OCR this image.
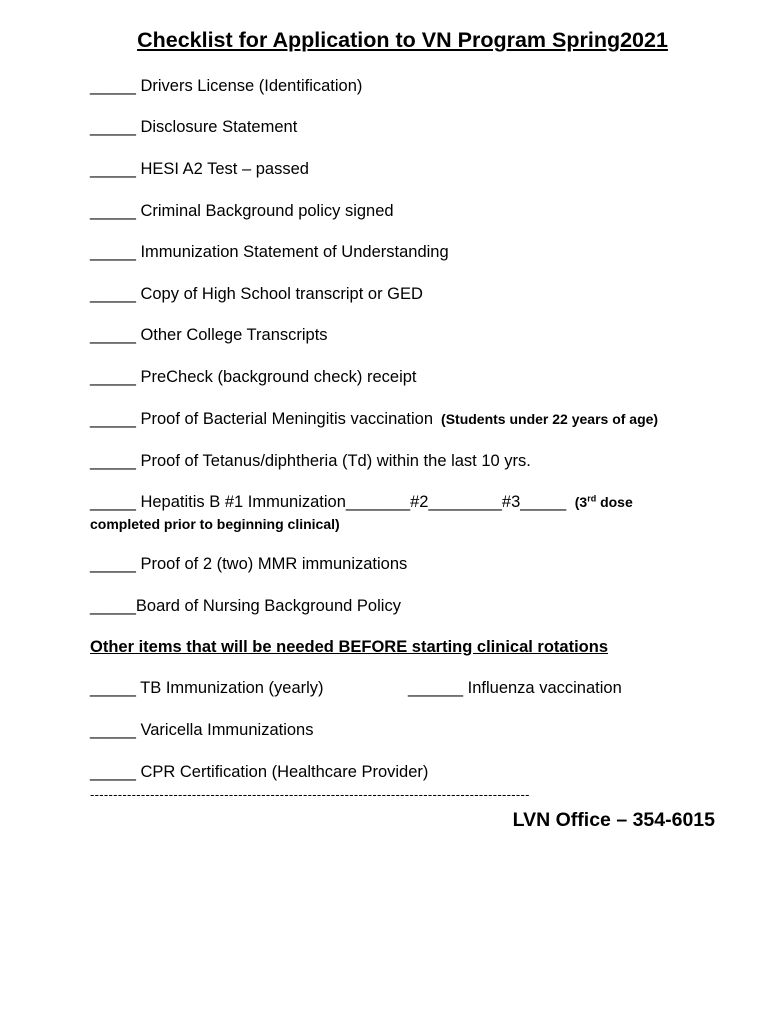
Checklist for Application to VN Program Spring2021
_____ Drivers License (Identification)
_____ Disclosure Statement
_____ HESI A2 Test – passed
_____ Criminal Background policy signed
_____ Immunization Statement of Understanding
_____ Copy of High School transcript or GED
_____ Other College Transcripts
_____ PreCheck (background check) receipt
_____ Proof of Bacterial Meningitis vaccination (Students under 22 years of age)
_____ Proof of Tetanus/diphtheria (Td) within the last 10 yrs.
_____ Hepatitis B #1 Immunization_______#2________#3_____ (3rd dose
completed prior to beginning clinical)
_____ Proof of 2 (two) MMR immunizations
_____Board of Nursing Background Policy
Other items that will be needed BEFORE starting clinical rotations
_____ TB Immunization (yearly)	______ Influenza vaccination
_____ Varicella Immunizations
_____ CPR Certification (Healthcare Provider)
-----------------------------------------------------------------------------------------------
LVN Office – 354-6015
